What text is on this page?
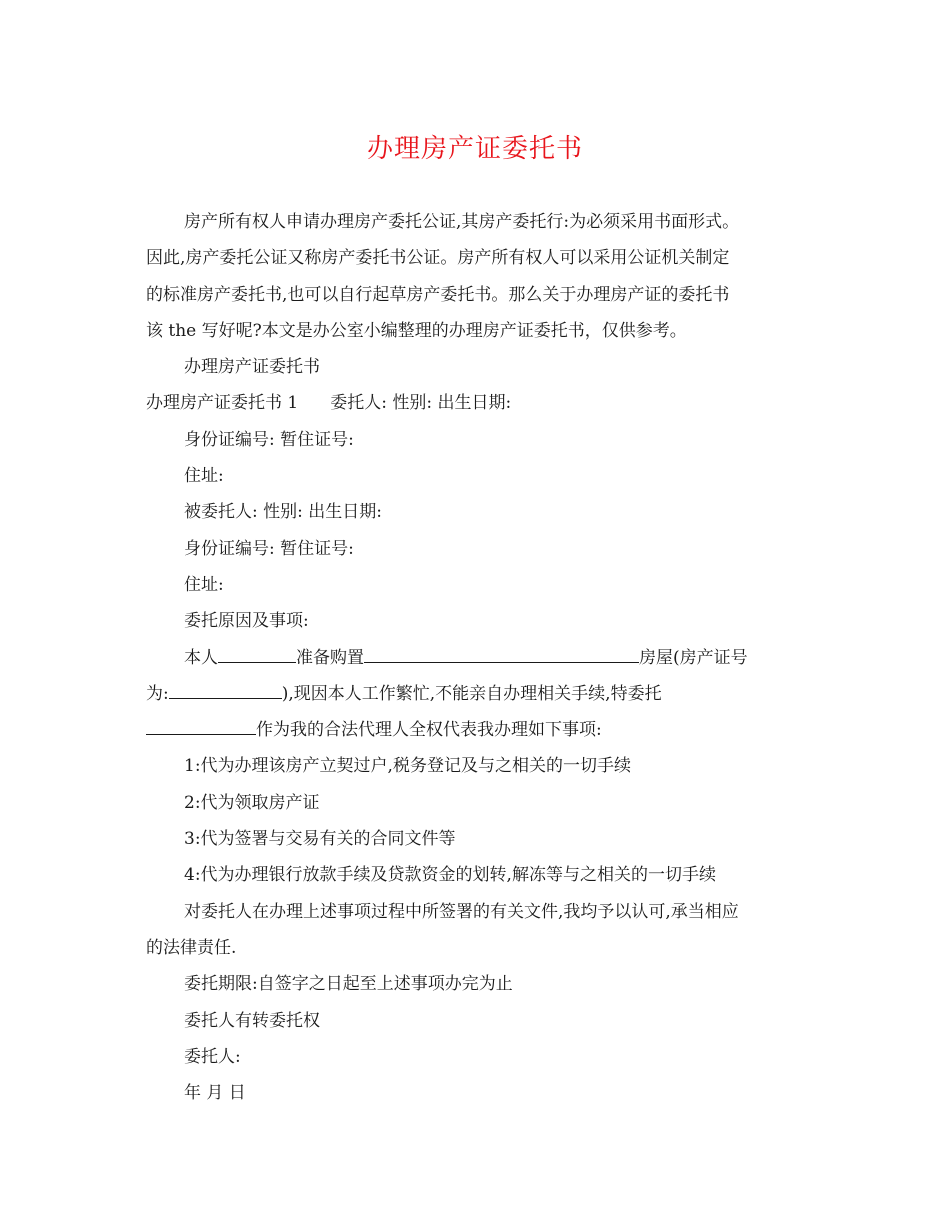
办理房产证委托书
房产所有权人申请办理房产委托公证,其房产委托行:为必须采用书面形式。
因此,房产委托公证又称房产委托书公证。房产所有权人可以采用公证机关制定
的标准房产委托书,也可以自行起草房产委托书。那么关于办理房产证的委托书
该 the 写好呢?本文是办公室小编整理的办理房产证委托书，仅供参考。
办理房产证委托书
办理房产证委托书 1 委托人: 性别: 出生日期:
身份证编号: 暂住证号:
住址:
被委托人: 性别: 出生日期:
身份证编号: 暂住证号:
住址:
委托原因及事项:
本人	准备购置	房屋(房产证号
为:	),现因本人工作繁忙,不能亲自办理相关手续,特委托
作为我的合法代理人全权代表我办理如下事项:
1:代为办理该房产立契过户,税务登记及与之相关的一切手续
2:代为领取房产证
3:代为签署与交易有关的合同文件等
4:代为办理银行放款手续及贷款资金的划转,解冻等与之相关的一切手续
对委托人在办理上述事项过程中所签署的有关文件,我均予以认可,承当相应
的法律责任.
委托期限:自签字之日起至上述事项办完为止
委托人有转委托权
委托人:
年 月 日
